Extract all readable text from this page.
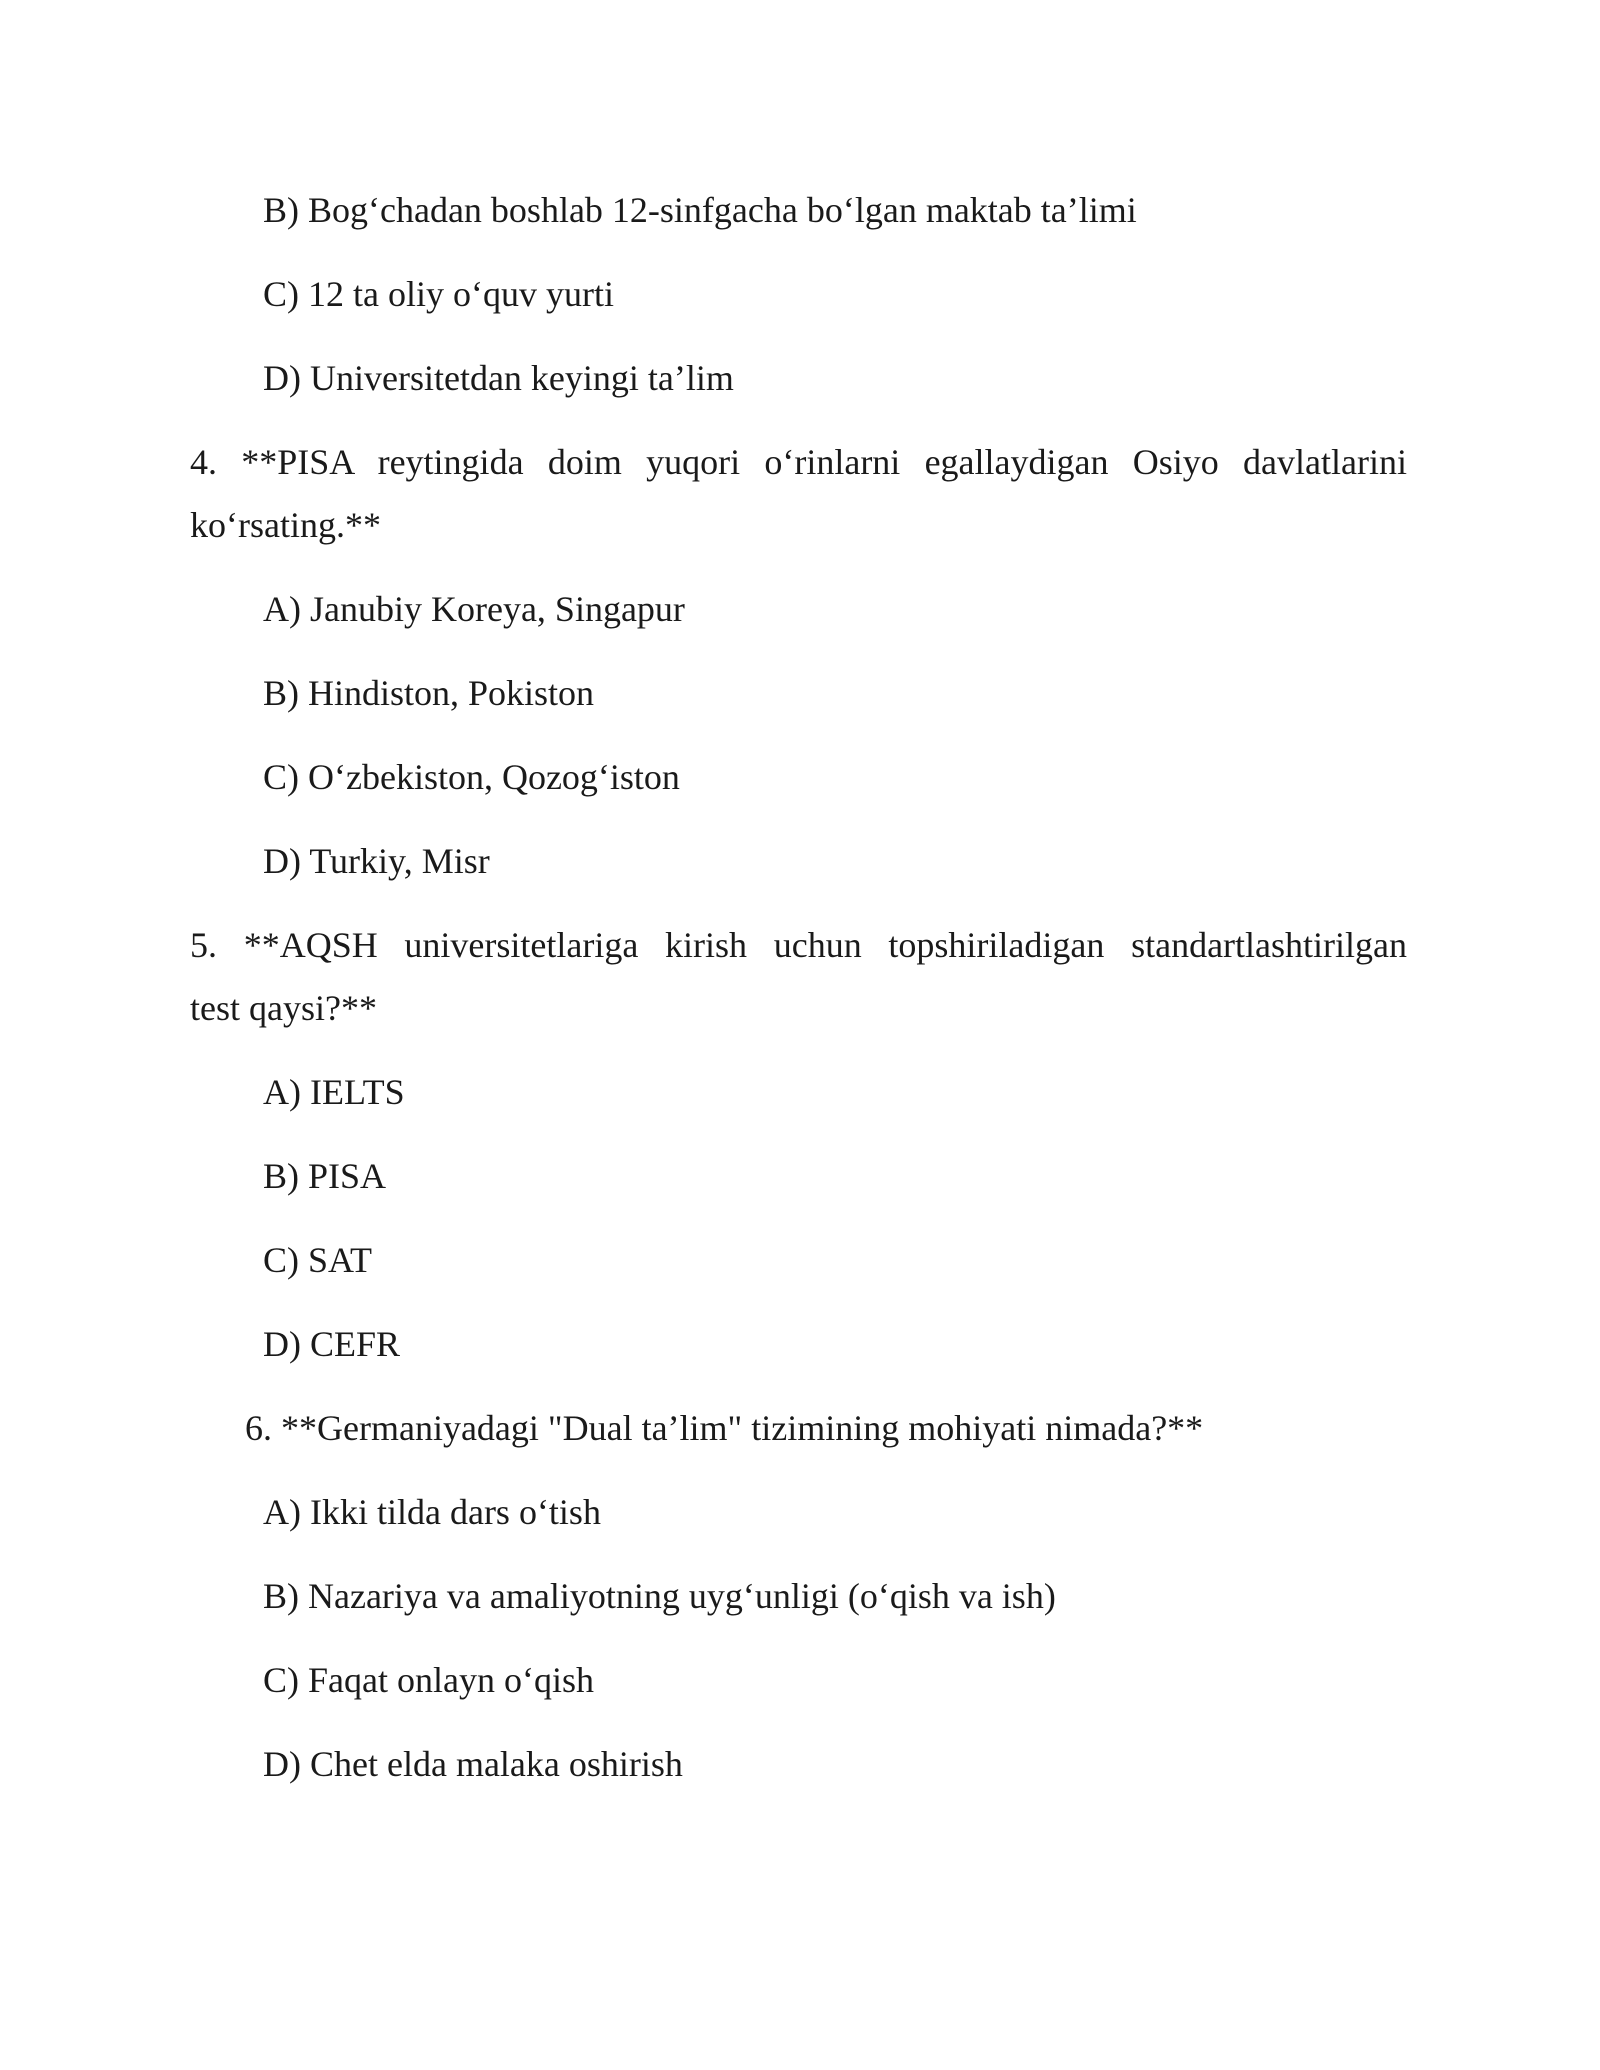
B) Bog‘chadan boshlab 12-sinfgacha bo‘lgan maktab ta’limi
C) 12 ta oliy o‘quv yurti
D) Universitetdan keyingi ta’lim
4. **PISA reytingida doim yuqori o‘rinlarni egallaydigan Osiyo davlatlarini
ko‘rsating.**
A) Janubiy Koreya, Singapur
B) Hindiston, Pokiston
C) O‘zbekiston, Qozog‘iston
D) Turkiy, Misr
5. **AQSH universitetlariga kirish uchun topshiriladigan standartlashtirilgan
test qaysi?**
A) IELTS
B) PISA
C) SAT
D) CEFR
6. **Germaniyadagi "Dual ta’lim" tizimining mohiyati nimada?**
A) Ikki tilda dars o‘tish
B) Nazariya va amaliyotning uyg‘unligi (o‘qish va ish)
C) Faqat onlayn o‘qish
D) Chet elda malaka oshirish
